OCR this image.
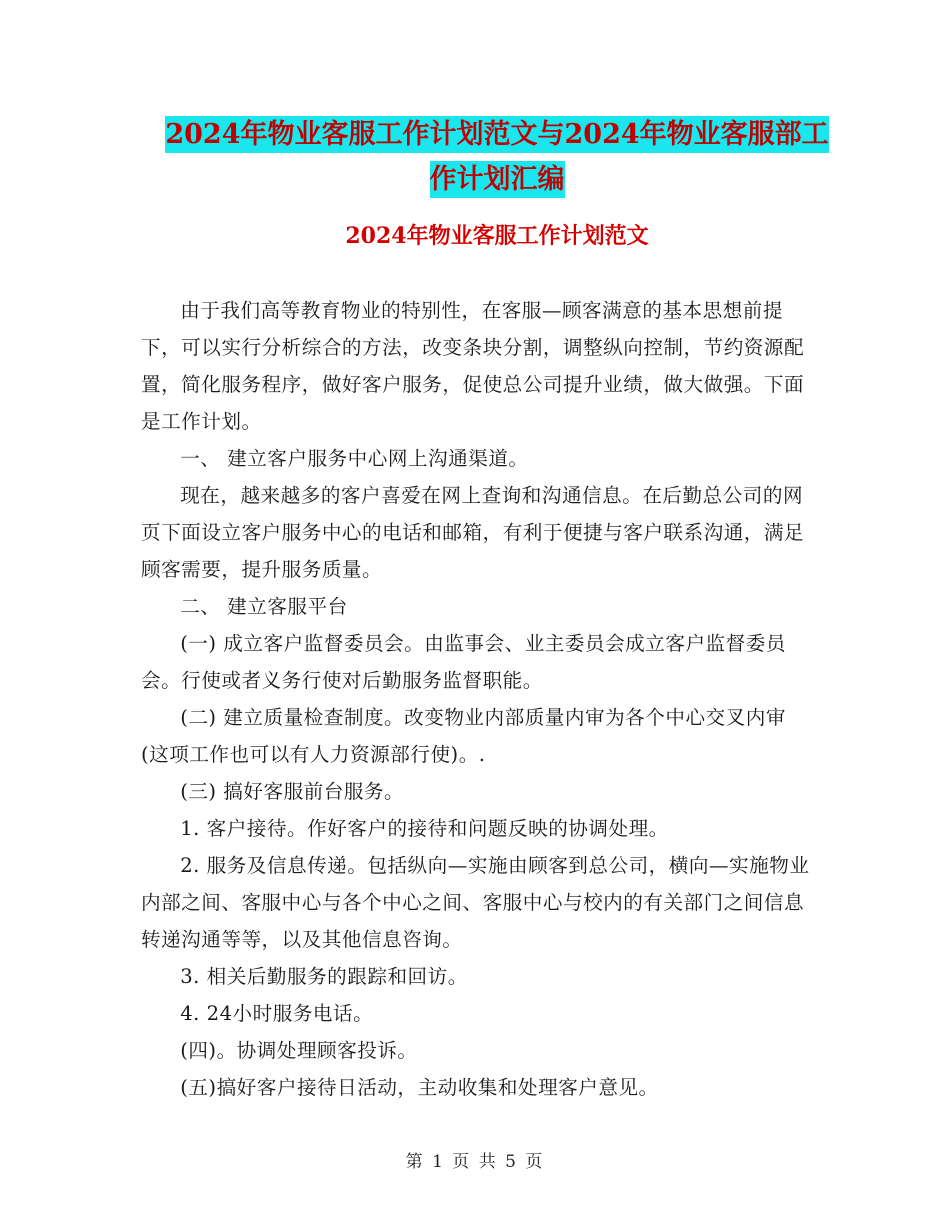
2024年物业客服工作计划范文与2024年物业客服部工
作计划汇编
2024年物业客服工作计划范文

由于我们高等教育物业的特别性，在客服—顾客满意的基本思想前提下，可以实行分析综合的方法，改变条块分割，调整纵向控制，节约资源配置，简化服务程序，做好客户服务，促使总公司提升业绩，做大做强。下面是工作计划。

一、 建立客户服务中心网上沟通渠道。

现在，越来越多的客户喜爱在网上查询和沟通信息。在后勤总公司的网页下面设立客户服务中心的电话和邮箱，有利于便捷与客户联系沟通，满足顾客需要，提升服务质量。

二、 建立客服平台

(一) 成立客户监督委员会。由监事会、业主委员会成立客户监督委员会。行使或者义务行使对后勤服务监督职能。

(二) 建立质量检查制度。改变物业内部质量内审为各个中心交叉内审(这项工作也可以有人力资源部行使)。.

(三) 搞好客服前台服务。

1. 客户接待。作好客户的接待和问题反映的协调处理。

2. 服务及信息传递。包括纵向—实施由顾客到总公司，横向—实施物业内部之间、客服中心与各个中心之间、客服中心与校内的有关部门之间信息转递沟通等等，以及其他信息咨询。

3. 相关后勤服务的跟踪和回访。

4. 24小时服务电话。

(四)。协调处理顾客投诉。

(五)搞好客户接待日活动，主动收集和处理客户意见。

第 1 页 共 5 页
